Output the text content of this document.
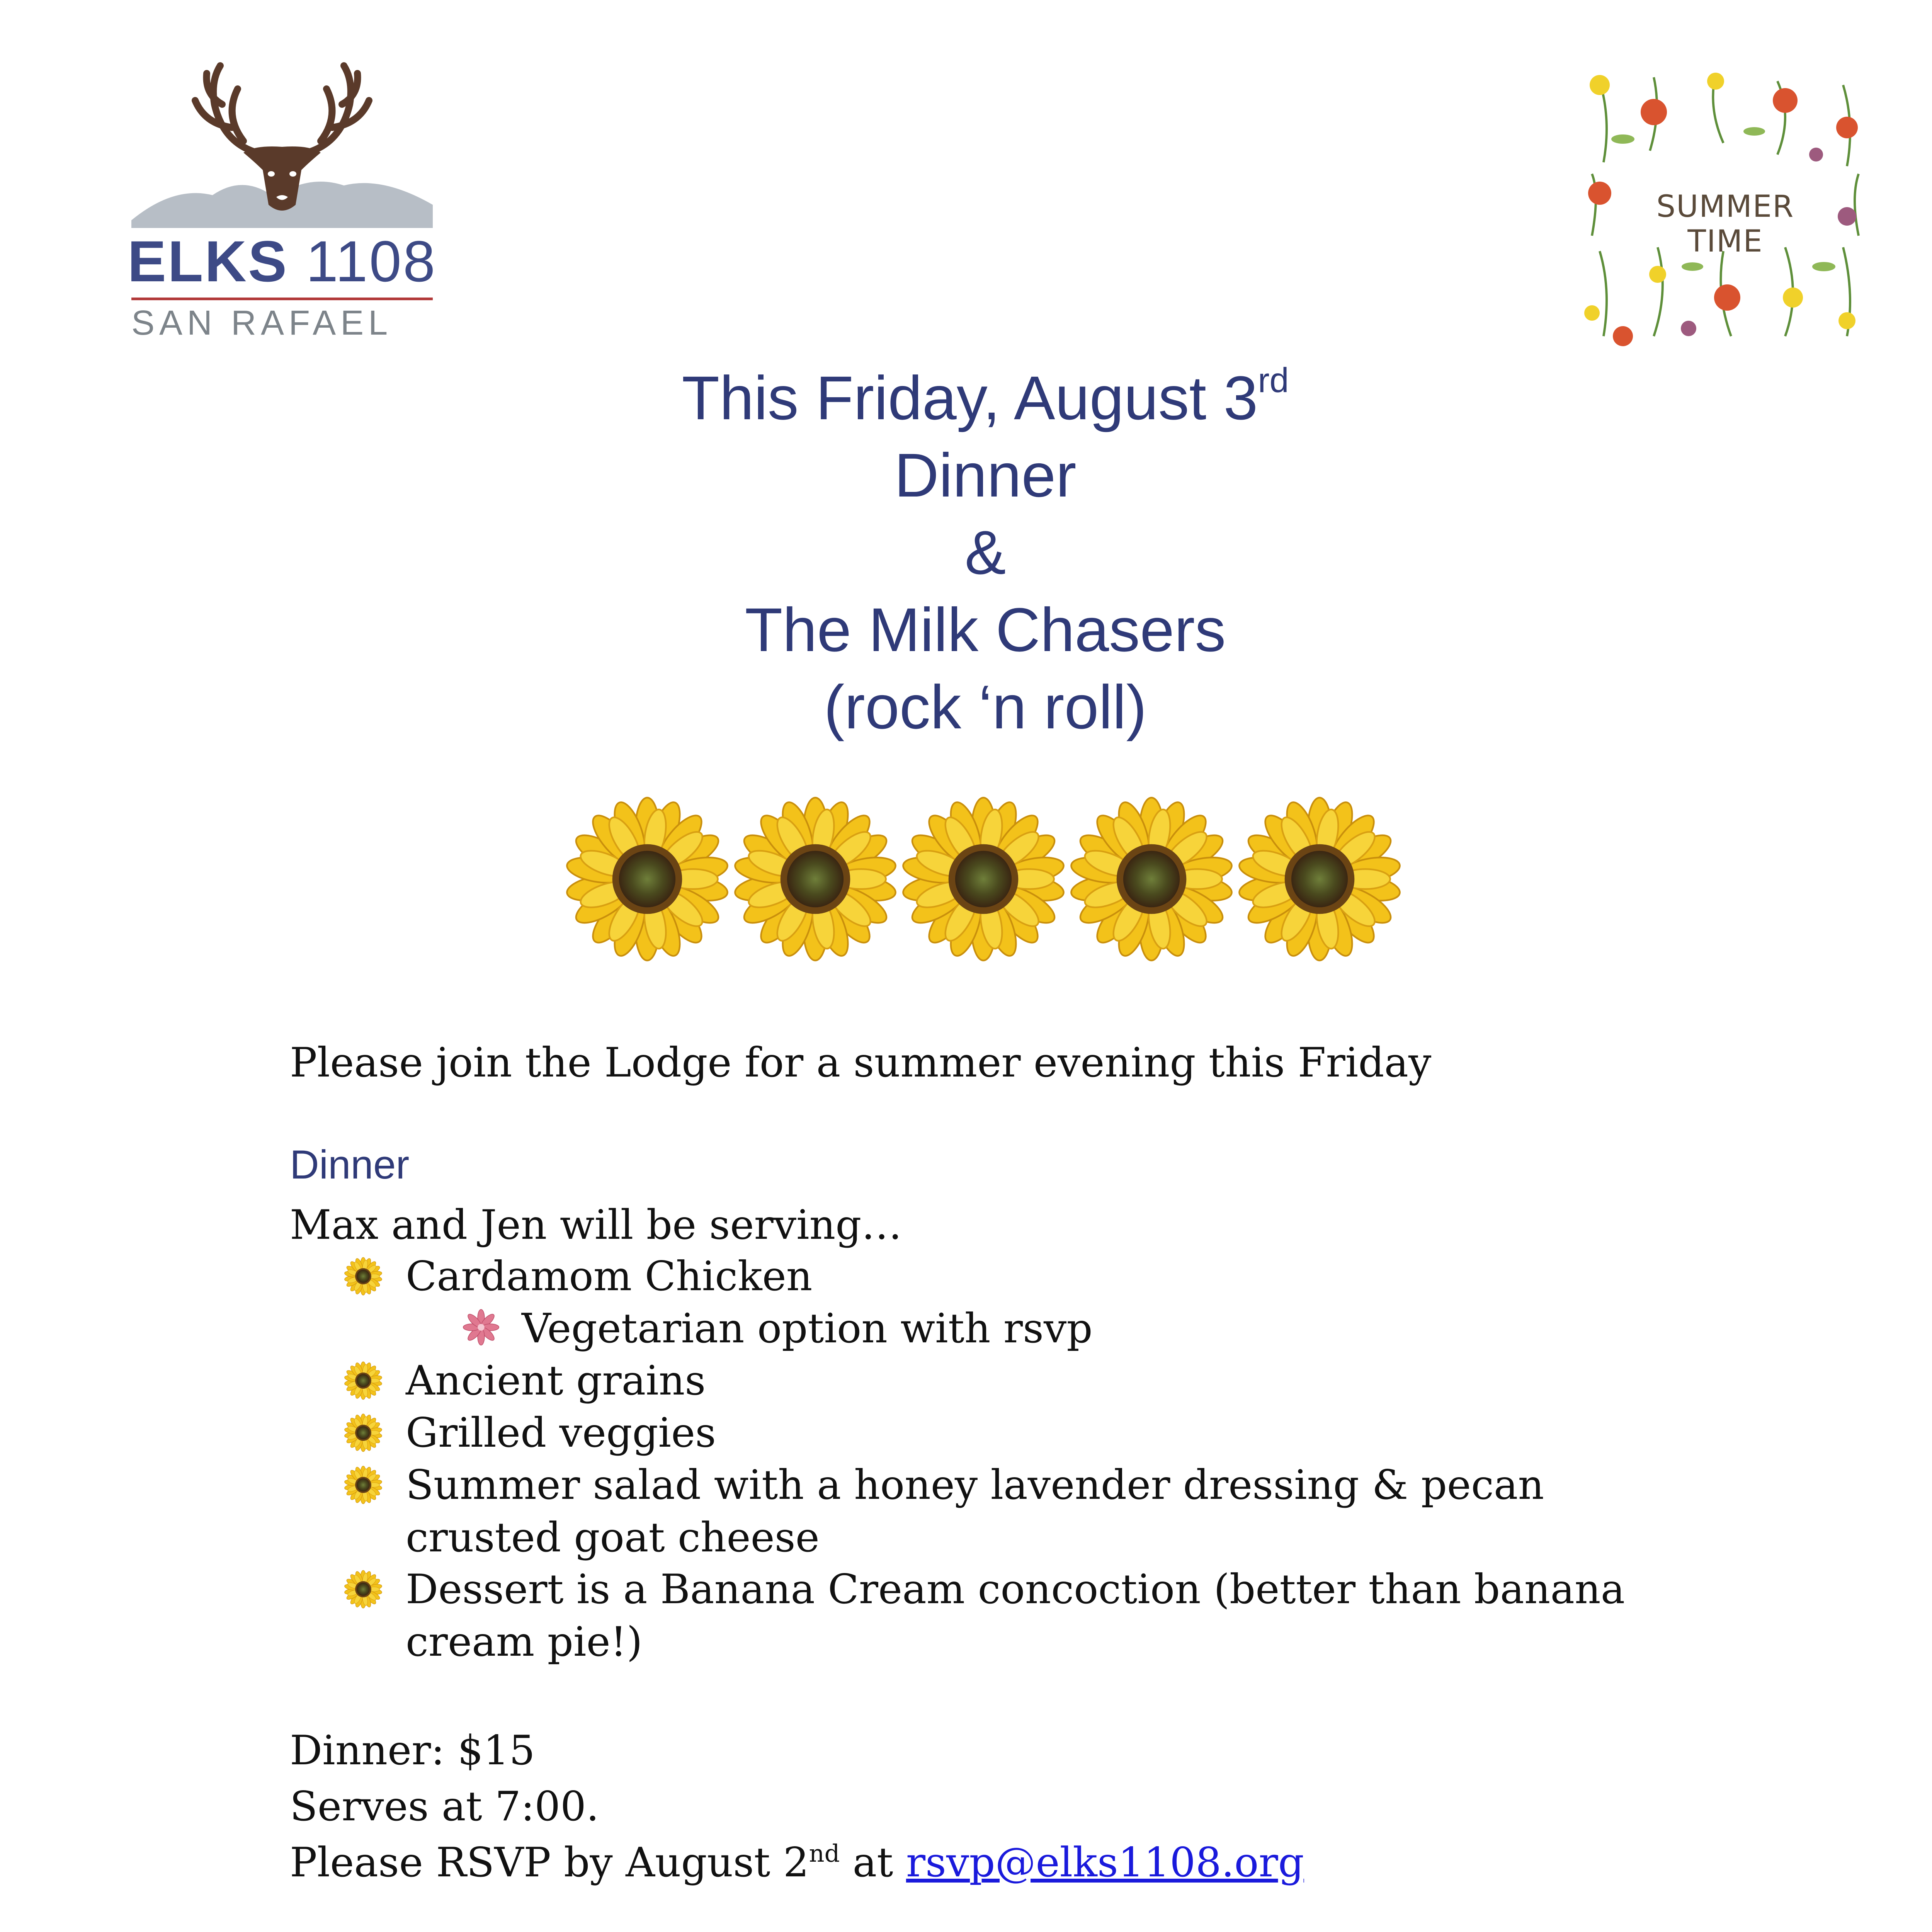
ELKS 1108
SAN RAFAEL
SUMMER TIME
This Friday, August 3rd
Dinner
&
The Milk Chasers
(rock ‘n roll)
Please join the Lodge for a summer evening this Friday
Dinner
Max and Jen will be serving…
Cardamom Chicken
Vegetarian option with rsvp
Ancient grains
Grilled veggies
Summer salad with a honey lavender dressing & pecan crusted goat cheese
Dessert is a Banana Cream concoction (better than banana cream pie!)
Dinner: $15
Serves at 7:00.
Please RSVP by August 2nd at rsvp@elks1108.org
